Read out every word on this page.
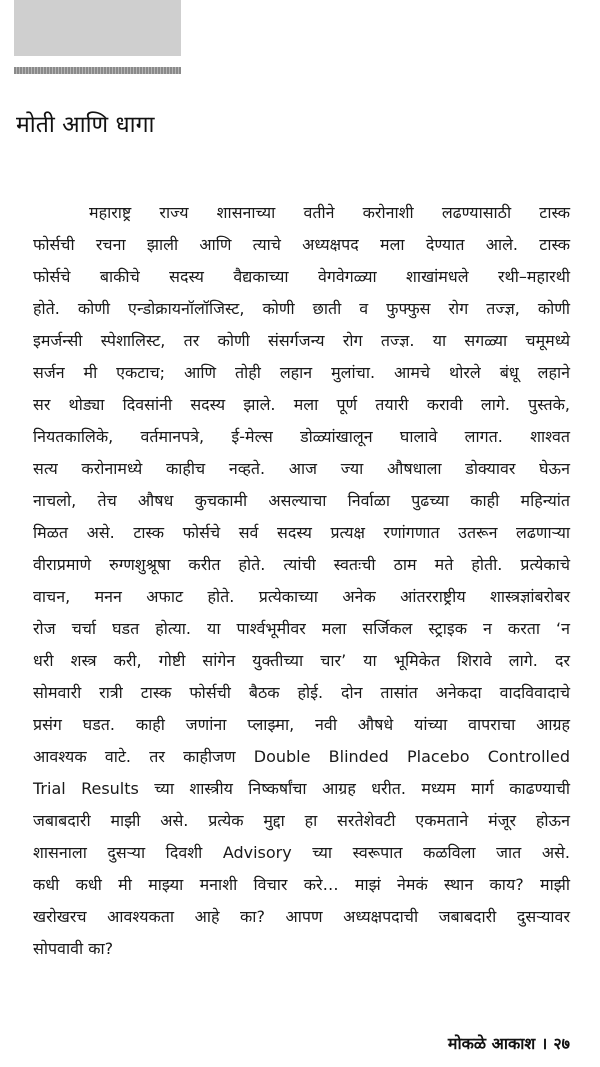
मोती आणि धागा
महाराष्ट्र राज्य शासनाच्या वतीने करोनाशी लढण्यासाठी टास्क
फोर्सची रचना झाली आणि त्याचे अध्यक्षपद मला देण्यात आले. टास्क
फोर्सचे बाकीचे सदस्य वैद्यकाच्या वेगवेगळ्या शाखांमधले रथी–महारथी
होते. कोणी एन्डोक्रायनॉलॉजिस्ट, कोणी छाती व फुफ्फुस रोग तज्ज्ञ, कोणी
इमर्जन्सी स्पेशालिस्ट, तर कोणी संसर्गजन्य रोग तज्ज्ञ. या सगळ्या चमूमध्ये
सर्जन मी एकटाच; आणि तोही लहान मुलांचा. आमचे थोरले बंधू लहाने
सर थोड्या दिवसांनी सदस्य झाले. मला पूर्ण तयारी करावी लागे. पुस्तके,
नियतकालिके, वर्तमानपत्रे, ई-मेल्स डोळ्यांखालून घालावे लागत. शाश्वत
सत्य करोनामध्ये काहीच नव्हते. आज ज्या औषधाला डोक्यावर घेऊन
नाचलो, तेच औषध कुचकामी असल्याचा निर्वाळा पुढच्या काही महिन्यांत
मिळत असे. टास्क फोर्सचे सर्व सदस्य प्रत्यक्ष रणांगणात उतरून लढणाऱ्या
वीराप्रमाणे रुग्णशुश्रूषा करीत होते. त्यांची स्वतःची ठाम मते होती. प्रत्येकाचे
वाचन, मनन अफाट होते. प्रत्येकाच्या अनेक आंतरराष्ट्रीय शास्त्रज्ञांबरोबर
रोज चर्चा घडत होत्या. या पार्श्वभूमीवर मला सर्जिकल स्ट्राइक न करता ‘न
धरी शस्त्र करी, गोष्टी सांगेन युक्तीच्या चार’ या भूमिकेत शिरावे लागे. दर
सोमवारी रात्री टास्क फोर्सची बैठक होई. दोन तासांत अनेकदा वादविवादाचे
प्रसंग घडत. काही जणांना प्लाझ्मा, नवी औषधे यांच्या वापराचा आग्रह
आवश्यक वाटे. तर काहीजण Double Blinded Placebo Controlled
Trial Results च्या शास्त्रीय निष्कर्षांचा आग्रह धरीत. मध्यम मार्ग काढण्याची
जबाबदारी माझी असे. प्रत्येक मुद्दा हा सरतेशेवटी एकमताने मंजूर होऊन
शासनाला दुसऱ्या दिवशी Advisory च्या स्वरूपात कळविला जात असे.
कधी कधी मी माझ्या मनाशी विचार करे… माझं नेमकं स्थान काय? माझी
खरोखरच आवश्यकता आहे का? आपण अध्यक्षपदाची जबाबदारी दुसऱ्यावर
सोपवावी का?
मोकळे आकाश । २७
